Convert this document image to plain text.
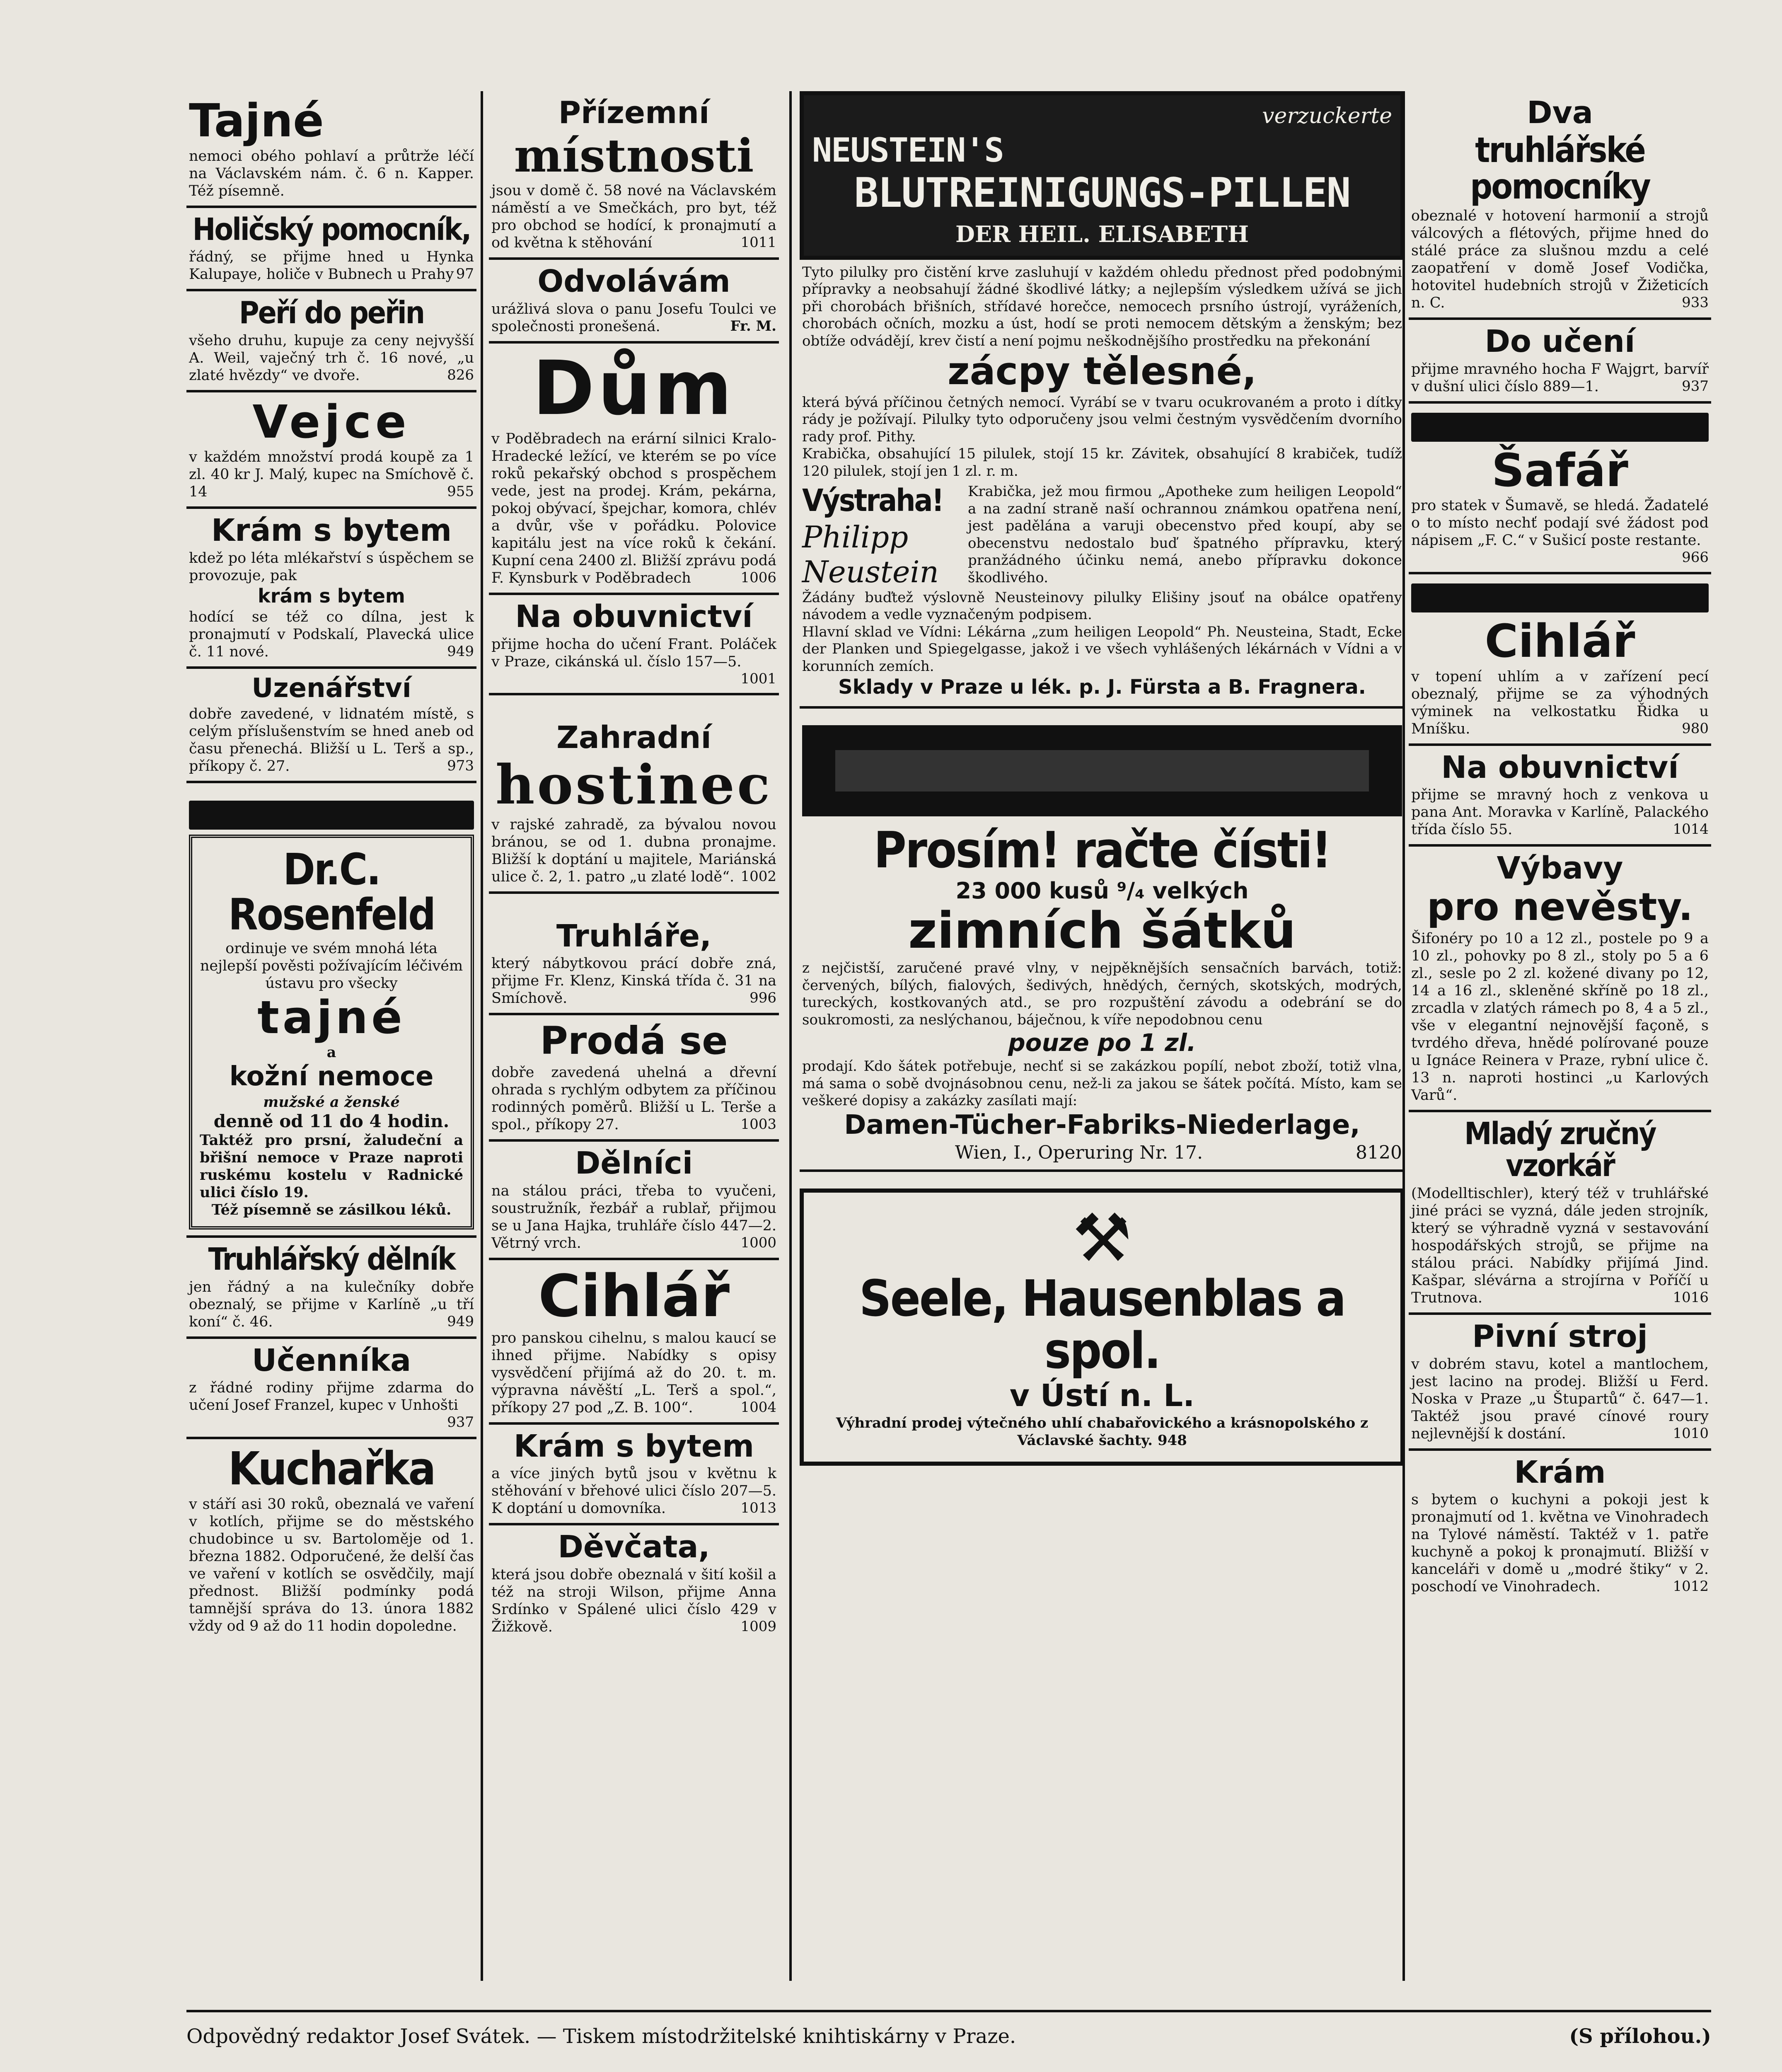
Tajné

nemoci obého pohlaví a průtrže léčí na Václavském nám. č. 6 n. Kapper. Též písemně.

Holičský pomocník,

řádný, se přijme hned u Hynka Kalupaye, holiče v Bubnech u Prahy 97

Peří do peřin

všeho druhu, kupuje za ceny nejvyšší A. Weil, vaječný trh č. 16 nové, „u zlaté hvězdy“ ve dvoře.	826

Vejce

v každém množství prodá koupě za 1 zl. 40 kr J. Malý, kupec na Smíchově č. 14	955

Krám s bytem

kdež po léta mlékařství s úspěchem se provozuje, pak

krám s bytem

hodící se též co dílna, jest k pronajmutí v Podskalí, Plavecká ulice č. 11 nové.	949

Uzenářství

dobře zavedené, v lidnatém místě, s celým příslušenstvím se hned aneb od času přenechá. Bližší u L. Terš a sp., příkopy č. 27.	973

Dr.C. Rosenfeld

ordinuje ve svém mnohá léta nejlepší pověsti požívajícím léčivém ústavu pro všecky

tajné

a

kožní nemoce

mužské a ženské

denně od 11 do 4 hodin.

Taktéž pro prsní, žaludeční a břišní nemoce v Praze naproti ruskému kostelu v Radnické ulici číslo 19.

Též písemně se zásilkou léků.

Truhlářský dělník

jen řádný a na kulečníky dobře obeznalý, se přijme v Karlíně „u tří koní“ č. 46.	949

Učenníka

z řádné rodiny přijme zdarma do učení Josef Franzel, kupec v Unhošti
937

Kuchařka

v stáří asi 30 roků, obeznalá ve vaření v kotlích, přijme se do městského chudobince u sv. Bartoloměje od 1. března 1882. Odporučené, že delší čas ve vaření v kotlích se osvědčily, mají přednost. Bližší podmínky podá tamnější správa do 13. února 1882 vždy od 9 až do 11 hodin dopoledne.

Přízemní
místnosti

jsou v domě č. 58 nové na Václavském náměstí a ve Smečkách, pro byt, též pro obchod se hodící, k pronajmutí a od května k stěhování	1011

Odvolávám

urážlivá slova o panu Josefu Toulci ve společnosti pronešená.	Fr. M.

Dům

v Poděbradech na erární silnici Kralo-Hradecké ležící, ve kterém se po více roků pekařský obchod s prospěchem vede, jest na prodej. Krám, pekárna, pokoj obývací, špejchar, komora, chlév a dvůr, vše v pořádku. Polovice kapitálu jest na více roků k čekání. Kupní cena 2400 zl. Bližší zprávu podá F. Kynsburk v Poděbradech	1006

Na obuvnictví

přijme hocha do učení Frant. Poláček v Praze, cikánská ul. číslo 157—5.
1001

Zahradní
hostinec

v rajské zahradě, za bývalou novou bránou, se od 1. dubna pronajme. Bližší k doptání u majitele, Mariánská ulice č. 2, 1. patro „u zlaté lodě“. 1002

Truhláře,

který nábytkovou prácí dobře zná, přijme Fr. Klenz, Kinská třída č. 31 na Smíchově.	996

Prodá se

dobře zavedená uhelná a dřevní ohrada s rychlým odbytem za příčinou rodinných poměrů. Bližší u L. Terše a spol., příkopy 27.	1003

Dělníci

na stálou práci, třeba to vyučeni, soustružník, řezbář a rublař, přijmou se u Jana Hajka, truhláře číslo 447—2. Větrný vrch.	1000

Cihlář

pro panskou cihelnu, s malou kaucí se ihned přijme. Nabídky s opisy vysvědčení přijímá až do 20. t. m. výpravna návěští „L. Terš a spol.“, příkopy 27 pod „Z. B. 100“.	1004

Krám s bytem

a více jiných bytů jsou v květnu k stěhování v břehové ulici číslo 207—5. K doptání u domovníka.	1013

Děvčata,

která jsou dobře obeznalá v šití košil a též na stroji Wilson, přijme Anna Srdínko v Spálené ulici číslo 429 v Žižkově.	1009

verzuckerte
NEUSTEIN'S
BLUTREINIGUNGS-PILLEN
DER HEIL. ELISABETH

Tyto pilulky pro čistění krve zasluhují v každém ohledu přednost před podobnými přípravky a neobsahují žádné škodlivé látky; a nejlepším výsledkem užívá se jich při chorobách břišních, střídavé horečce, nemocech prsního ústrojí, vyráženích, chorobách očních, mozku a úst, hodí se proti nemocem dětským a ženským; bez obtíže odvádějí, krev čistí a není pojmu neškodnějšího prostředku na překonání

zácpy tělesné,

která bývá příčinou četných nemocí. Vyrábí se v tvaru ocukrovaném a proto i dítky rády je požívají. Pilulky tyto odporučeny jsou velmi čestným vysvědčením dvorního rady prof. Pithy.

Krabička, obsahující 15 pilulek, stojí 15 kr. Závitek, obsahující 8 krabiček, tudíž 120 pilulek, stojí jen 1 zl. r. m.

Výstraha!
Philipp Neustein

Krabička, jež mou firmou „Apotheke zum heiligen Leopold“ a na zadní straně naší ochrannou známkou opatřena není, jest padělána a varuji obecenstvo před koupí, aby se obecenstvu nedostalo buď špatného přípravku, který pranžádného účinku nemá, anebo přípravku dokonce škodlivého.

Žádány buďtež výslovně Neusteinovy pilulky Elišiny jsouť na obálce opatřeny návodem a vedle vyznačeným podpisem.

Hlavní sklad ve Vídni: Lékárna „zum heiligen Leopold“ Ph. Neusteina, Stadt, Ecke der Planken und Spiegelgasse, jakož i ve všech vyhlášených lékárnách v Vídni a v korunních zemích.

Sklady v Praze u lék. p. J. Fürsta a B. Fragnera.
Prosím! račte čísti!
23 000 kusů ⁹/₄ velkých
zimních šátků

z nejčistší, zaručené pravé vlny, v nejpěknějších sensačních barvách, totiž: červených, bílých, fialových, šedivých, hnědých, černých, skotských, modrých, tureckých, kostkovaných atd., se pro rozpuštění závodu a odebrání se do soukromosti, za neslýchanou, báječnou, k víře nepodobnou cenu

pouze po 1 zl.

prodají. Kdo šátek potřebuje, nechť si se zakázkou popílí, nebot zboží, totiž vlna, má sama o sobě dvojnásobnou cenu, než-li za jakou se šátek počítá. Místo, kam se veškeré dopisy a zakázky zasílati mají:

Damen-Tücher-Fabriks-Niederlage,

Wien, I., Operuring Nr. 17.	8120

⚒
Seele, Hausenblas a spol.
v Ústí n. L.

Výhradní prodej výtečného uhlí chabařovického a krásnopolského z Václavské šachty. 948

Dva
truhlářské pomocníky

obeznalé v hotovení harmonií a strojů válcových a flétových, přijme hned do stálé práce za slušnou mzdu a celé zaopatření v domě Josef Vodička, hotovitel hudebních strojů v Žižeticích n. C.	933

Do učení

přijme mravného hocha F Wajgrt, barvíř v dušní ulici číslo 889—1.	937

Šafář

pro statek v Šumavě, se hledá. Žadatelé o to místo nechť podají své žádost pod nápisem „F. C.“ v Sušicí poste restante.
966

Cihlář

v topení uhlím a v zařízení pecí obeznalý, přijme se za výhodných výminek na velkostatku Řidka u Mníšku.	980

Na obuvnictví

přijme se mravný hoch z venkova u pana Ant. Moravka v Karlíně, Palackého třída číslo 55.	1014

Výbavy
pro nevěsty.

Šifonéry po 10 a 12 zl., postele po 9 a 10 zl., pohovky po 8 zl., stoly po 5 a 6 zl., sesle po 2 zl. kožené divany po 12, 14 a 16 zl., skleněné skříně po 18 zl., zrcadla v zlatých rámech po 8, 4 a 5 zl., vše v elegantní nejnovější façoně, s tvrdého dřeva, hnědé polírované pouze u Ignáce Reinera v Praze, rybní ulice č. 13 n. naproti hostinci „u Karlových Varů“.

Mladý zručný vzorkář

(Modelltischler), který též v truhlářské jiné práci se vyzná, dále jeden strojník, který se výhradně vyzná v sestavování hospodářských strojů, se přijme na stálou práci. Nabídky přijímá Jind. Kašpar, slévárna a strojírna v Poříčí u Trutnova.	1016

Pivní stroj

v dobrém stavu, kotel a mantlochem, jest lacino na prodej. Bližší u Ferd. Noska v Praze „u Štupartů“ č. 647—1. Taktéž jsou pravé cínové roury nejlevnější k dostání.	1010

Krám

s bytem o kuchyni a pokoji jest k pronajmutí od 1. května ve Vinohradech na Tylové náměstí. Taktéž v 1. patře kuchyně a pokoj k pronajmutí. Bližší v kanceláři v domě u „modré štiky“ v 2. poschodí ve Vinohradech.	1012

Odpovědný redaktor Josef Svátek. — Tiskem místodržitelské knihtiskárny v Praze.	(S přílohou.)
